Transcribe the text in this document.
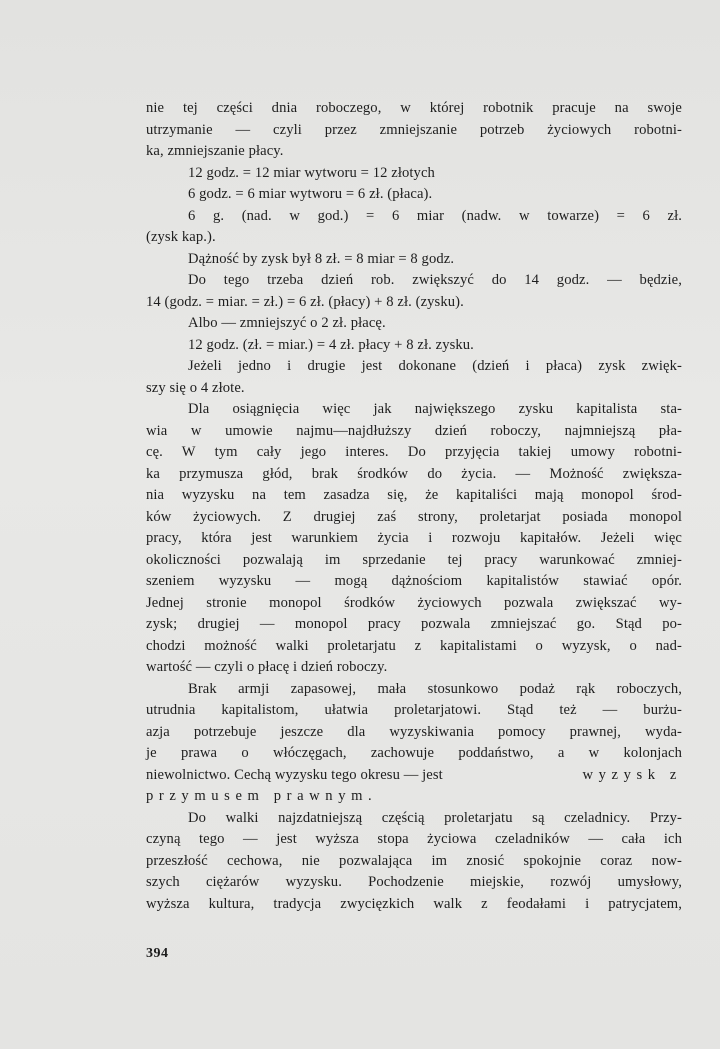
nie tej części dnia roboczego, w której robotnik pracuje na swoje
utrzymanie — czyli przez zmniejszanie potrzeb życiowych robotni-
ka, zmniejszanie płacy.
12 godz. = 12 miar wytworu = 12 złotych
6 godz. = 6 miar wytworu = 6 zł. (płaca).
6 g. (nad. w god.) = 6 miar (nadw. w towarze) = 6 zł.
(zysk kap.).
Dążność by zysk był 8 zł. = 8 miar = 8 godz.
Do tego trzeba dzień rob. zwiększyć do 14 godz. — będzie,
14 (godz. = miar. = zł.) = 6 zł. (płacy) + 8 zł. (zysku).
Albo — zmniejszyć o 2 zł. płacę.
12 godz. (zł. = miar.) = 4 zł. płacy + 8 zł. zysku.
Jeżeli jedno i drugie jest dokonane (dzień i płaca) zysk zwięk-
szy się o 4 złote.
Dla osiągnięcia więc jak największego zysku kapitalista sta-
wia w umowie najmu—najdłuższy dzień roboczy, najmniejszą pła-
cę. W tym cały jego interes. Do przyjęcia takiej umowy robotni-
ka przymusza głód, brak środków do życia. — Możność zwiększa-
nia wyzysku na tem zasadza się, że kapitaliści mają monopol środ-
ków życiowych. Z drugiej zaś strony, proletarjat posiada monopol
pracy, która jest warunkiem życia i rozwoju kapitałów. Jeżeli więc
okoliczności pozwalają im sprzedanie tej pracy warunkować zmniej-
szeniem wyzysku — mogą dążnościom kapitalistów stawiać opór.
Jednej stronie monopol środków życiowych pozwala zwiększać wy-
zysk; drugiej — monopol pracy pozwala zmniejszać go. Stąd po-
chodzi możność walki proletarjatu z kapitalistami o wyzysk, o nad-
wartość — czyli o płacę i dzień roboczy.
Brak armji zapasowej, mała stosunkowo podaż rąk roboczych,
utrudnia kapitalistom, ułatwia proletarjatowi. Stąd też — burżu-
azja potrzebuje jeszcze dla wyzyskiwania pomocy prawnej, wyda-
je prawa o włóczęgach, zachowuje poddaństwo, a w kolonjach
niewolnictwo. Cechą wyzysku tego okresu — jest	wyzysk z
przymusem prawnym.
Do walki najzdatniejszą częścią proletarjatu są czeladnicy. Przy-
czyną tego — jest wyższa stopa życiowa czeladników — cała ich
przeszłość cechowa, nie pozwalająca im znosić spokojnie coraz now-
szych ciężarów wyzysku. Pochodzenie miejskie, rozwój umysłowy,
wyższa kultura, tradycja zwycięzkich walk z feodałami i patrycjatem,
394
